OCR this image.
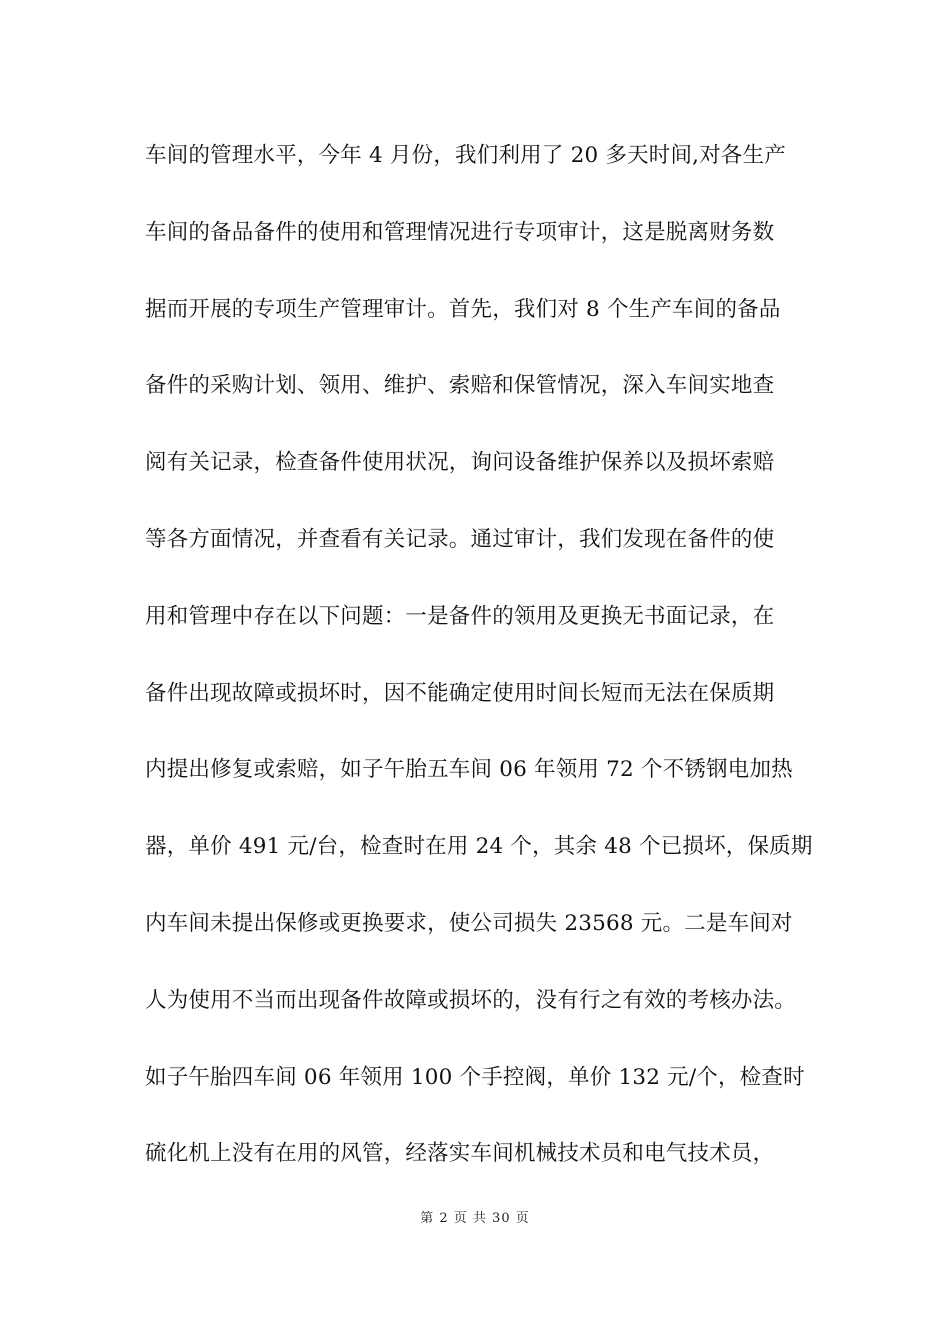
车间的管理水平，今年 4 月份，我们利用了 20 多天时间,对各生产
车间的备品备件的使用和管理情况进行专项审计，这是脱离财务数
据而开展的专项生产管理审计。首先，我们对 8 个生产车间的备品
备件的采购计划、领用、维护、索赔和保管情况，深入车间实地查
阅有关记录，检查备件使用状况，询问设备维护保养以及损坏索赔
等各方面情况，并查看有关记录。通过审计，我们发现在备件的使
用和管理中存在以下问题：一是备件的领用及更换无书面记录，在
备件出现故障或损坏时，因不能确定使用时间长短而无法在保质期
内提出修复或索赔，如子午胎五车间 06 年领用 72 个不锈钢电加热
器，单价 491 元/台，检查时在用 24 个，其余 48 个已损坏，保质期
内车间未提出保修或更换要求，使公司损失 23568 元。二是车间对
人为使用不当而出现备件故障或损坏的，没有行之有效的考核办法。
如子午胎四车间 06 年领用 100 个手控阀，单价 132 元/个，检查时
硫化机上没有在用的风管，经落实车间机械技术员和电气技术员，
第 2 页 共 30 页
